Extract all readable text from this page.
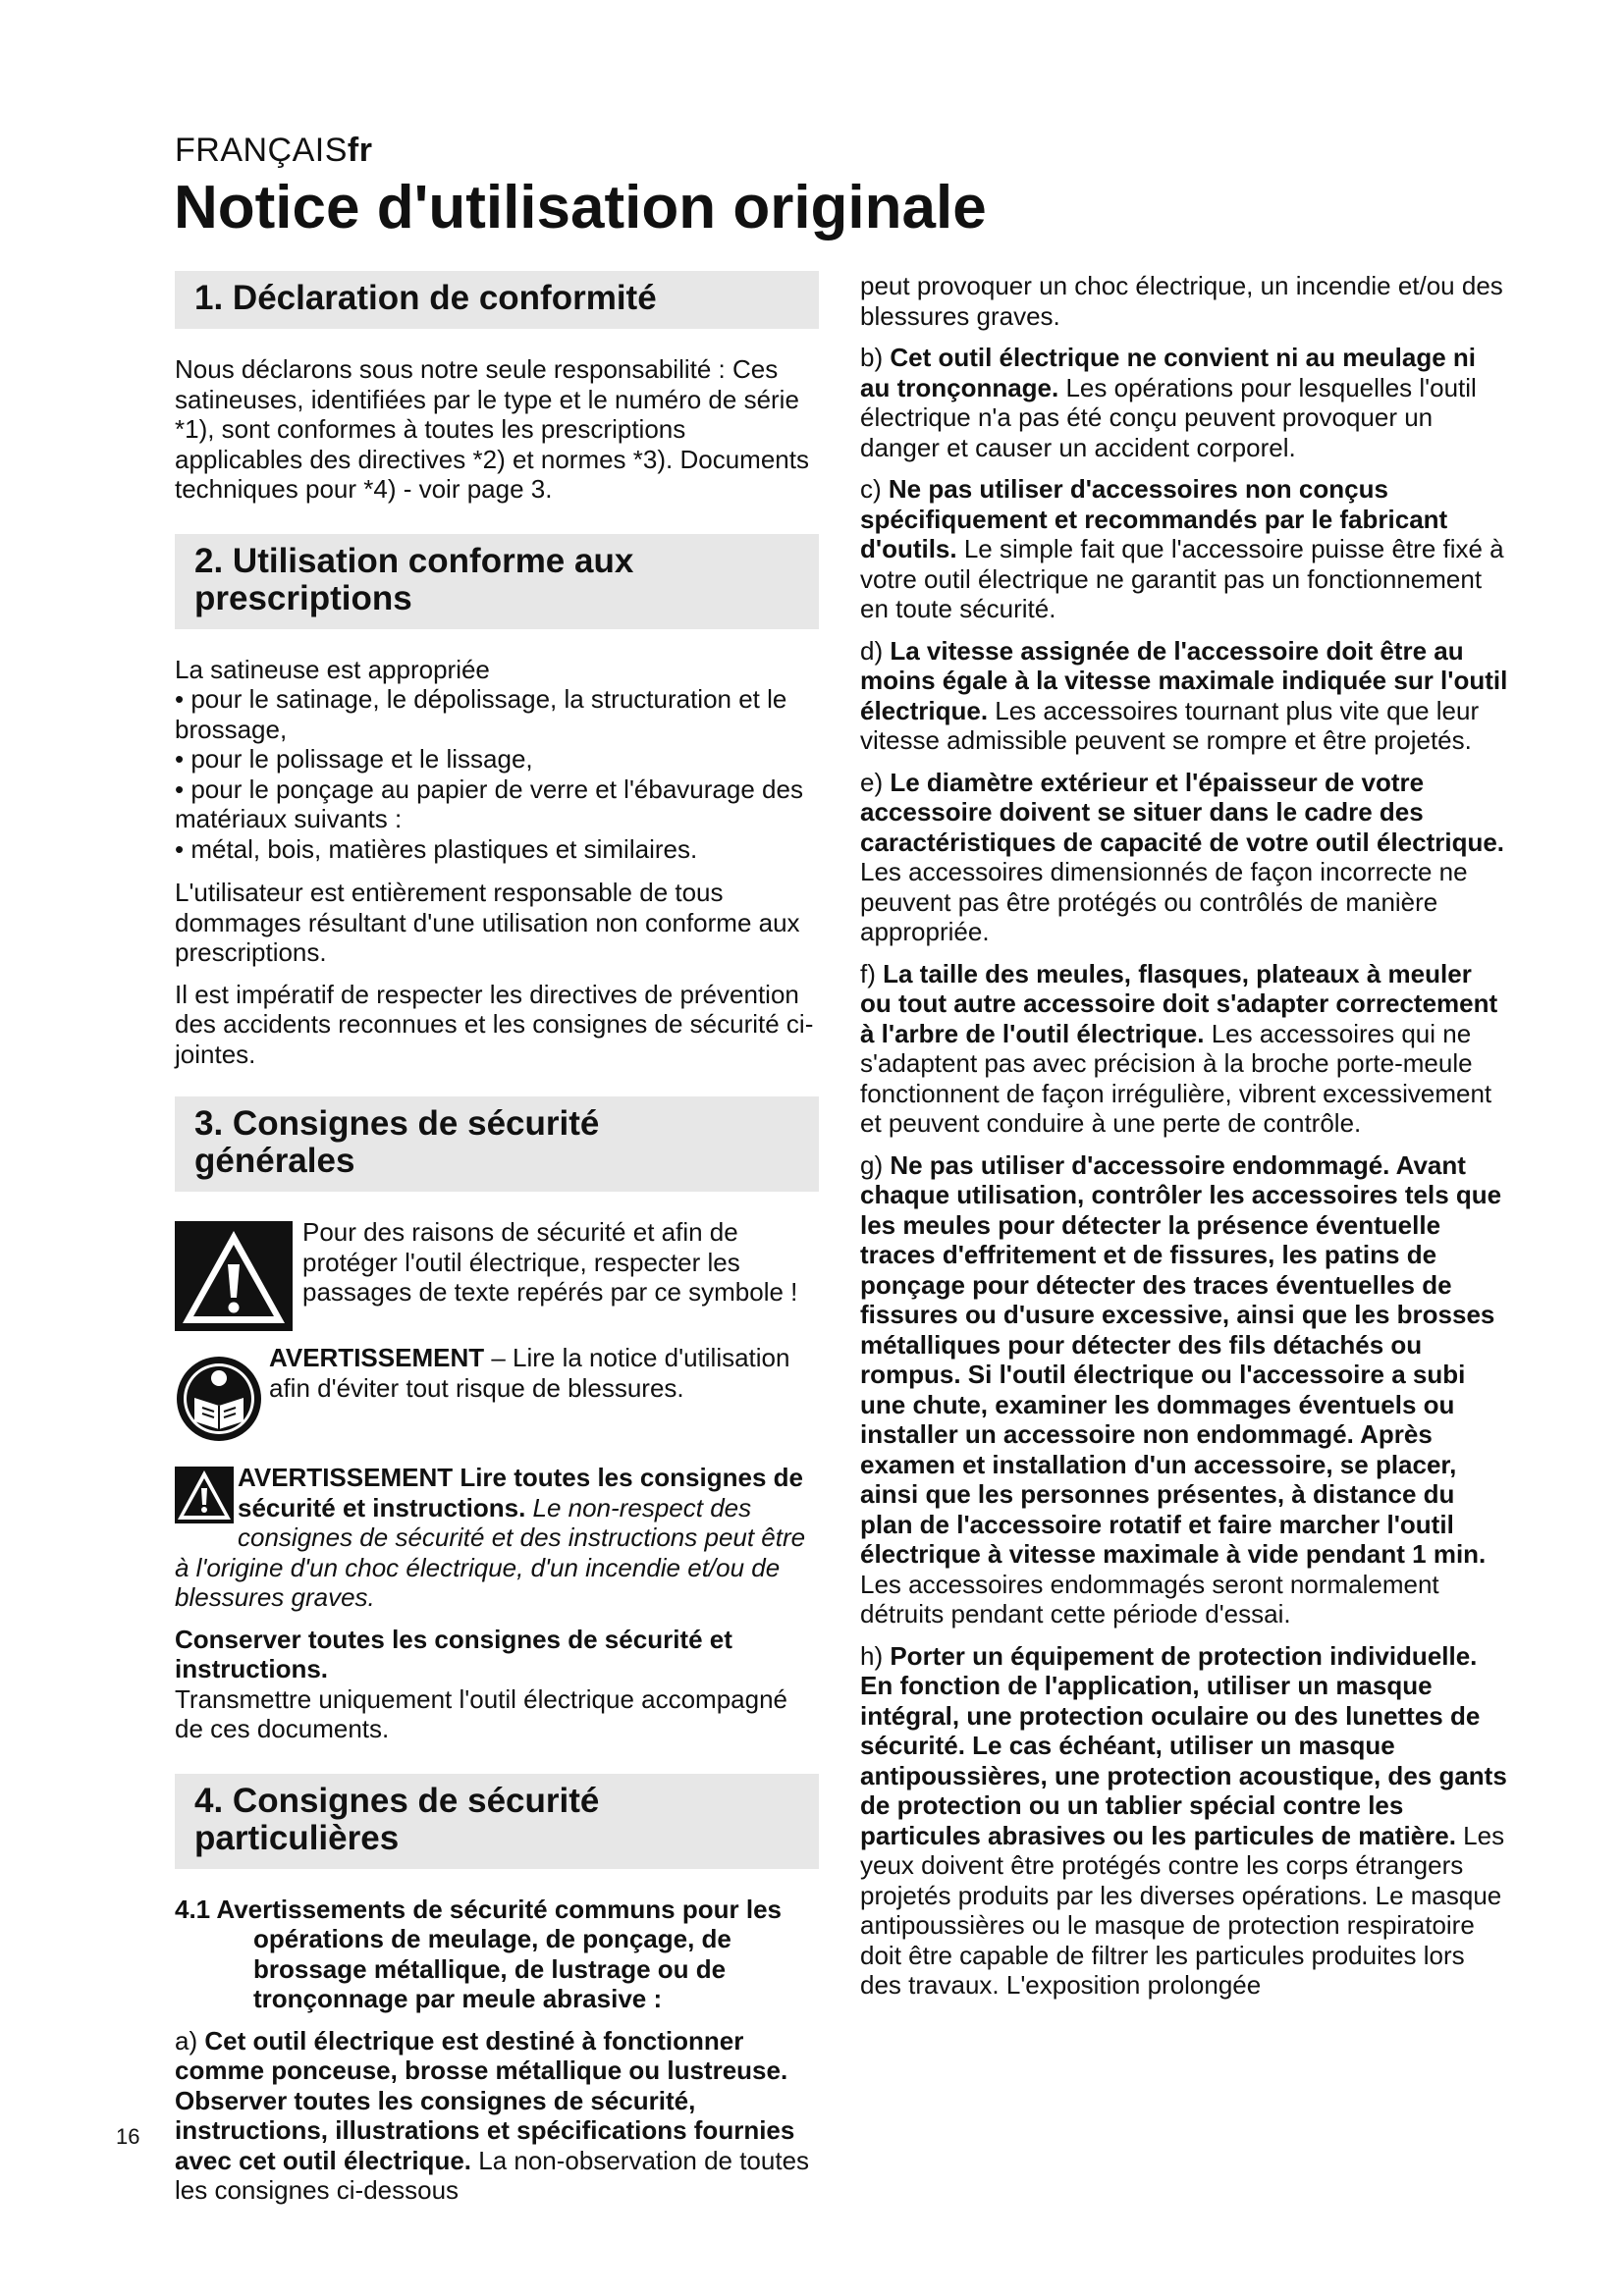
FRANÇAISfr
Notice d'utilisation originale
1. Déclaration de conformité

Nous déclarons sous notre seule responsabilité : Ces satineuses, identifiées par le type et le numéro de série *1), sont conformes à toutes les prescriptions applicables des directives *2) et normes *3). Documents techniques pour *4) - voir page 3.

2. Utilisation conforme aux
prescriptions

La satineuse est appropriée
• pour le satinage, le dépolissage, la structuration et le brossage,
• pour le polissage et le lissage,
• pour le ponçage au papier de verre et l'ébavurage des matériaux suivants :
• métal, bois, matières plastiques et similaires.

L'utilisateur est entièrement responsable de tous dommages résultant d'une utilisation non conforme aux prescriptions.

Il est impératif de respecter les directives de prévention des accidents reconnues et les consignes de sécurité ci-jointes.

3. Consignes de sécurité
générales

Pour des raisons de sécurité et afin de protéger l'outil électrique, respecter les passages de texte repérés par ce symbole !

AVERTISSEMENT – Lire la notice d'utilisation afin d'éviter tout risque de blessures.

AVERTISSEMENT Lire toutes les consignes de sécurité et instructions. Le non-respect des consignes de sécurité et des instructions peut être à l'origine d'un choc électrique, d'un incendie et/ou de blessures graves.

Conserver toutes les consignes de sécurité et instructions.
Transmettre uniquement l'outil électrique accompagné de ces documents.

4. Consignes de sécurité
particulières

4.1 Avertissements de sécurité communs pour les opérations de meulage, de ponçage, de brossage métallique, de lustrage ou de tronçonnage par meule abrasive :

a) Cet outil électrique est destiné à fonctionner comme ponceuse, brosse métallique ou lustreuse. Observer toutes les consignes de sécurité, instructions, illustrations et spécifications fournies avec cet outil électrique. La non-observation de toutes les consignes ci-dessous

peut provoquer un choc électrique, un incendie et/ou des blessures graves.

b) Cet outil électrique ne convient ni au meulage ni au tronçonnage. Les opérations pour lesquelles l'outil électrique n'a pas été conçu peuvent provoquer un danger et causer un accident corporel.

c) Ne pas utiliser d'accessoires non conçus spécifiquement et recommandés par le fabricant d'outils. Le simple fait que l'accessoire puisse être fixé à votre outil électrique ne garantit pas un fonctionnement en toute sécurité.

d) La vitesse assignée de l'accessoire doit être au moins égale à la vitesse maximale indiquée sur l'outil électrique. Les accessoires tournant plus vite que leur vitesse admissible peuvent se rompre et être projetés.

e) Le diamètre extérieur et l'épaisseur de votre accessoire doivent se situer dans le cadre des caractéristiques de capacité de votre outil électrique. Les accessoires dimensionnés de façon incorrecte ne peuvent pas être protégés ou contrôlés de manière appropriée.

f) La taille des meules, flasques, plateaux à meuler ou tout autre accessoire doit s'adapter correctement à l'arbre de l'outil électrique. Les accessoires qui ne s'adaptent pas avec précision à la broche porte-meule fonctionnent de façon irrégulière, vibrent excessivement et peuvent conduire à une perte de contrôle.

g) Ne pas utiliser d'accessoire endommagé. Avant chaque utilisation, contrôler les accessoires tels que les meules pour détecter la présence éventuelle traces d'effritement et de fissures, les patins de ponçage pour détecter des traces éventuelles de fissures ou d'usure excessive, ainsi que les brosses métalliques pour détecter des fils détachés ou rompus. Si l'outil électrique ou l'accessoire a subi une chute, examiner les dommages éventuels ou installer un accessoire non endommagé. Après examen et installation d'un accessoire, se placer, ainsi que les personnes présentes, à distance du plan de l'accessoire rotatif et faire marcher l'outil électrique à vitesse maximale à vide pendant 1 min. Les accessoires endommagés seront normalement détruits pendant cette période d'essai.

h) Porter un équipement de protection individuelle. En fonction de l'application, utiliser un masque intégral, une protection oculaire ou des lunettes de sécurité. Le cas échéant, utiliser un masque antipoussières, une protection acoustique, des gants de protection ou un tablier spécial contre les particules abrasives ou les particules de matière. Les yeux doivent être protégés contre les corps étrangers projetés produits par les diverses opérations. Le masque antipoussières ou le masque de protection respiratoire doit être capable de filtrer les particules produites lors des travaux. L'exposition prolongée

16
